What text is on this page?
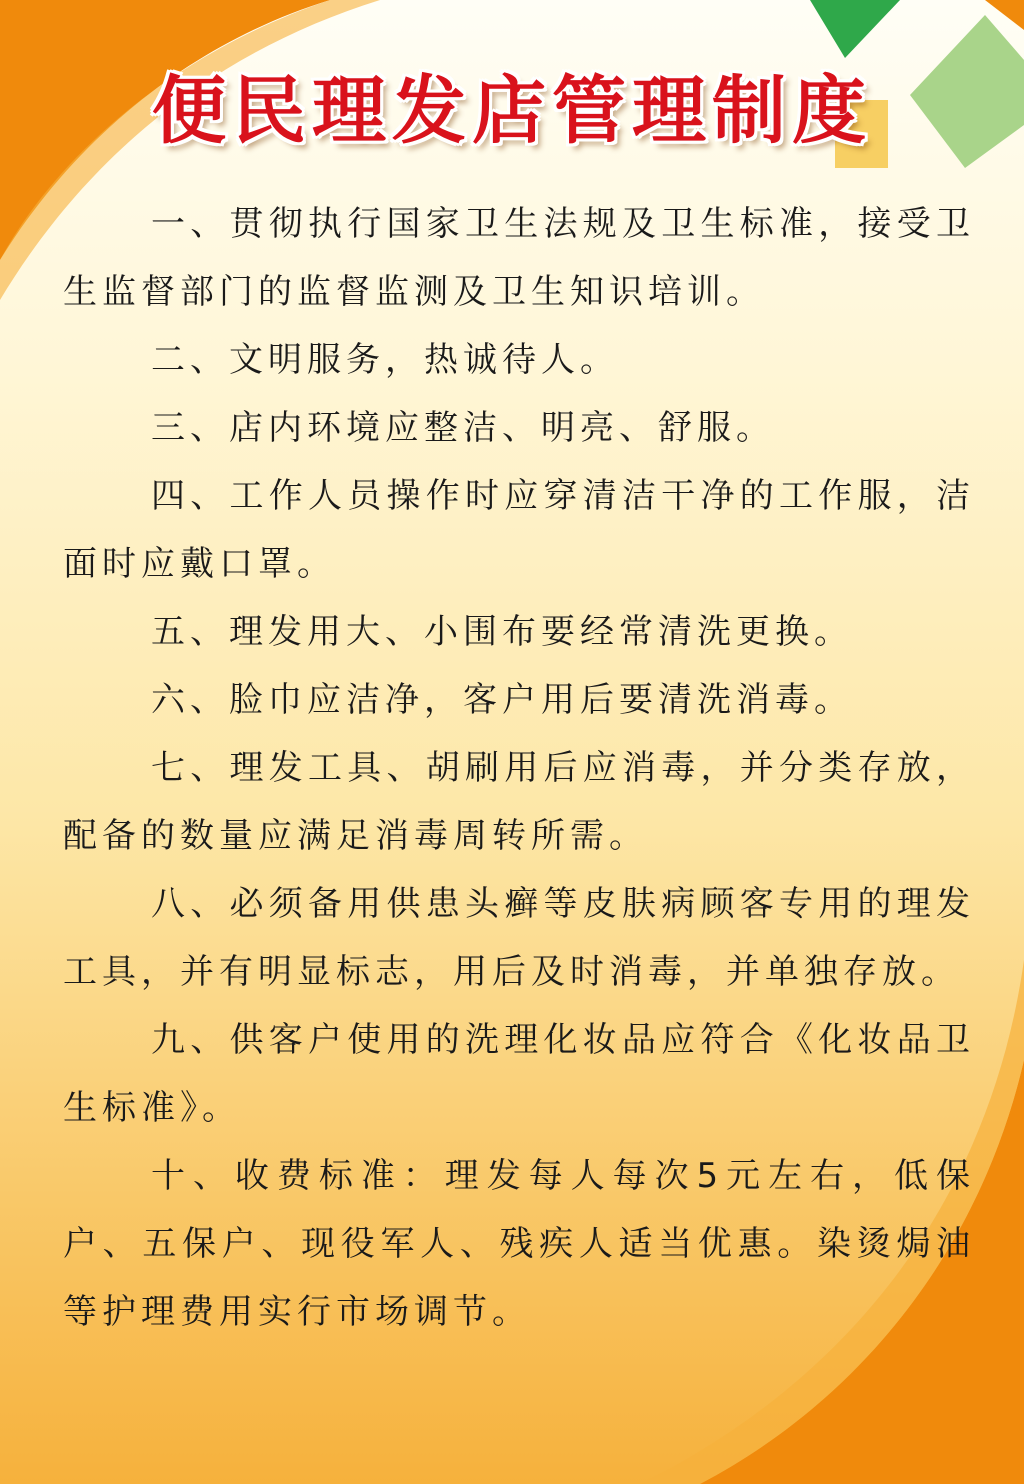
便民理发店管理制度

一、贯彻执行国家卫生法规及卫生标准，接受卫生监督部门的监督监测及卫生知识培训。

二、文明服务，热诚待人。

三、店内环境应整洁、明亮、舒服。

四、工作人员操作时应穿清洁干净的工作服，洁面时应戴口罩。

五、理发用大、小围布要经常清洗更换。

六、脸巾应洁净，客户用后要清洗消毒。

七、理发工具、胡刷用后应消毒，并分类存放，配备的数量应满足消毒周转所需。

八、必须备用供患头癣等皮肤病顾客专用的理发工具，并有明显标志，用后及时消毒，并单独存放。

九、供客户使用的洗理化妆品应符合《化妆品卫生标准》。

十、收费标准：理发每人每次5元左右，低保户、五保户、现役军人、残疾人适当优惠。染烫焗油等护理费用实行市场调节。
